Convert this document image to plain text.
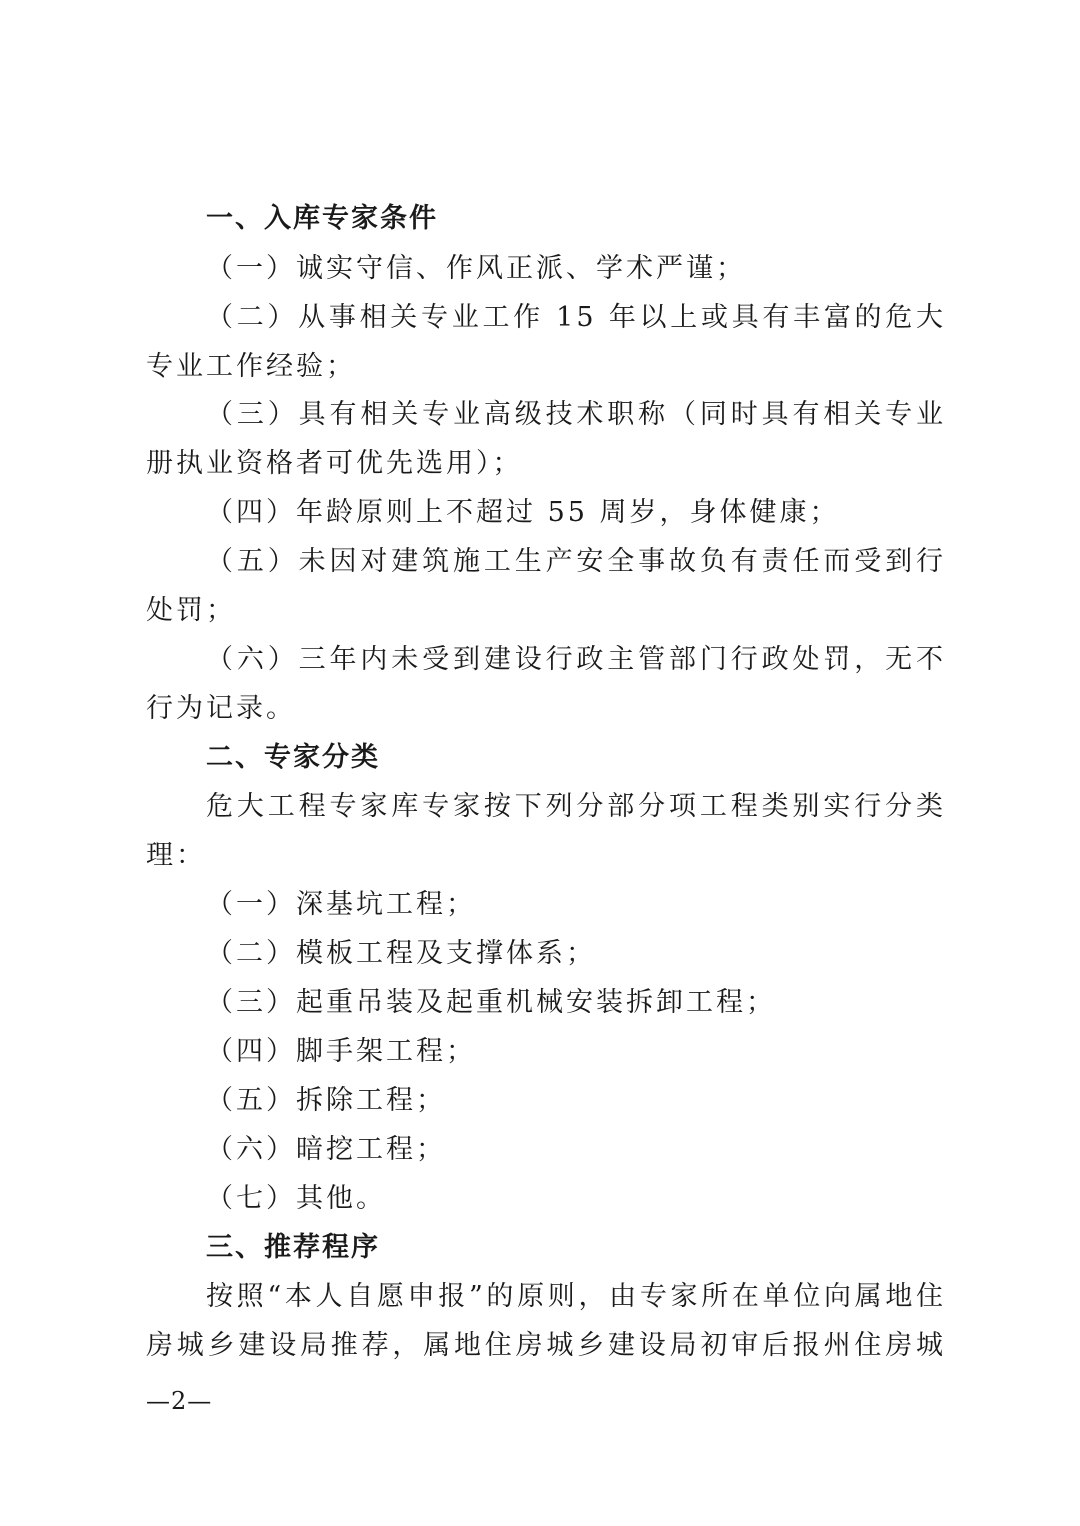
一、入库专家条件
（一）诚实守信、作风正派、学术严谨；
（二）从事相关专业工作 15 年以上或具有丰富的危大
专业工作经验；
（三）具有相关专业高级技术职称（同时具有相关专业
册执业资格者可优先选用）；
（四）年龄原则上不超过 55 周岁，身体健康；
（五）未因对建筑施工生产安全事故负有责任而受到行
处罚；
（六）三年内未受到建设行政主管部门行政处罚，无不
行为记录。
二、专家分类
危大工程专家库专家按下列分部分项工程类别实行分类
理：
（一）深基坑工程；
（二）模板工程及支撑体系；
（三）起重吊装及起重机械安装拆卸工程；
（四）脚手架工程；
（五）拆除工程；
（六）暗挖工程；
（七）其他。
三、推荐程序
按照“本人自愿申报”的原则，由专家所在单位向属地住
房城乡建设局推荐，属地住房城乡建设局初审后报州住房城
—2—
